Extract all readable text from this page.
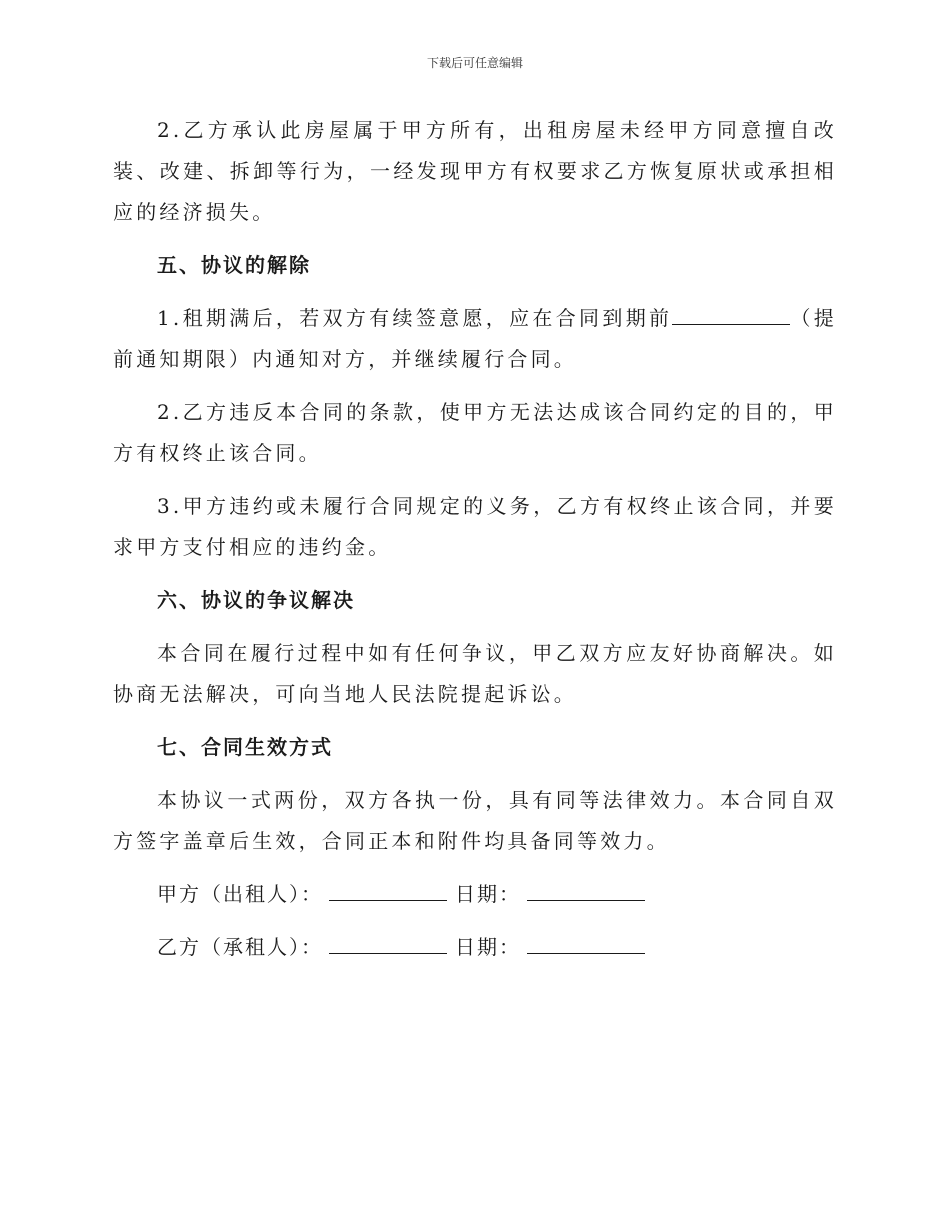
下载后可任意编辑

2.乙方承认此房屋属于甲方所有，出租房屋未经甲方同意擅自改装、改建、拆卸等行为，一经发现甲方有权要求乙方恢复原状或承担相应的经济损失。

五、协议的解除

1.租期满后，若双方有续签意愿，应在合同到期前	（提前通知期限）内通知对方，并继续履行合同。

2.乙方违反本合同的条款，使甲方无法达成该合同约定的目的，甲方有权终止该合同。

3.甲方违约或未履行合同规定的义务，乙方有权终止该合同，并要求甲方支付相应的违约金。

六、协议的争议解决

本合同在履行过程中如有任何争议，甲乙双方应友好协商解决。如协商无法解决，可向当地人民法院提起诉讼。

七、合同生效方式

本协议一式两份，双方各执一份，具有同等法律效力。本合同自双方签字盖章后生效，合同正本和附件均具备同等效力。

甲方（出租人）：	日期：

乙方（承租人）：	日期：
